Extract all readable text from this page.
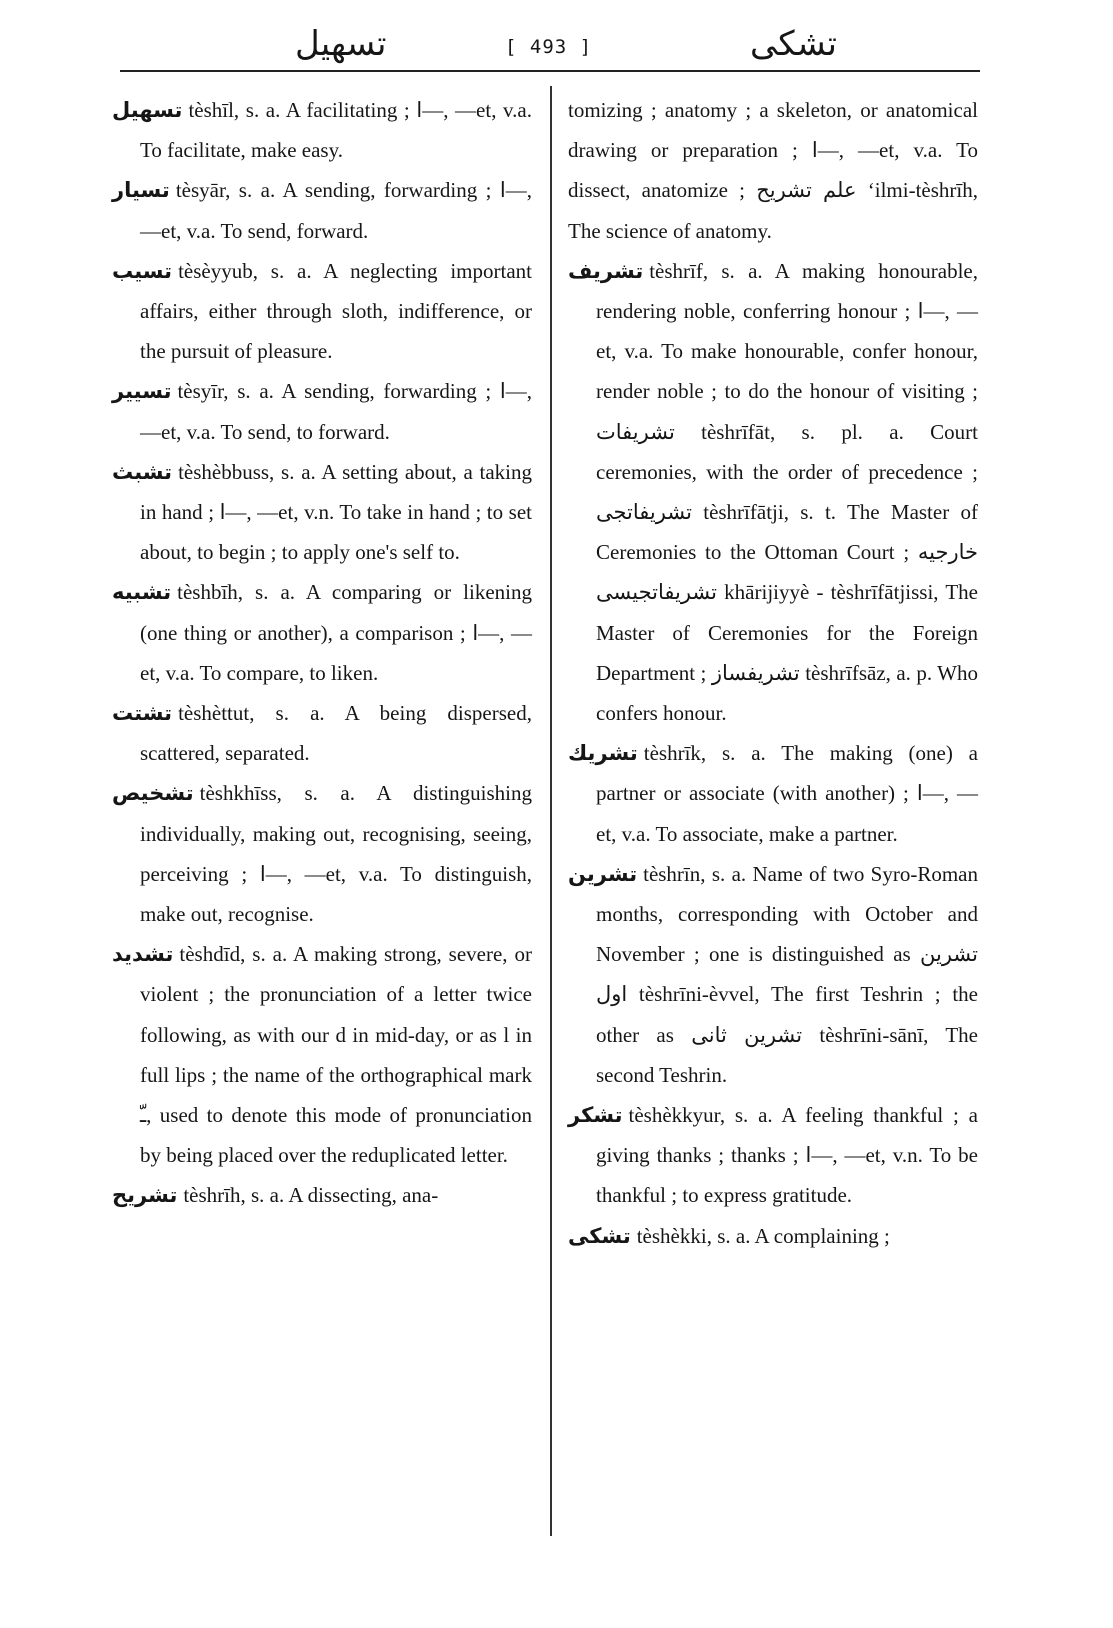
تسهيل	[ 493 ]	تشكى

تسهيل tèshīl, s. a. A facilitating ; ا—, —et, v.a. To facilitate, make easy.

تسيار tèsyār, s. a. A sending, forwarding ; ا—, —et, v.a. To send, forward.

تسيب tèsèyyub, s. a. A neglecting important affairs, either through sloth, indifference, or the pursuit of pleasure.

تسيير tèsyīr, s. a. A sending, forwarding ; ا—, —et, v.a. To send, to forward.

تشبث tèshèbbuss, s. a. A setting about, a taking in hand ; ا—, —et, v.n. To take in hand ; to set about, to begin ; to apply one's self to.

تشبيه tèshbīh, s. a. A comparing or likening (one thing or another), a comparison ; ا—, —et, v.a. To compare, to liken.

تشتت tèshèttut, s. a. A being dispersed, scattered, separated.

تشخيص tèshkhīss, s. a. A distinguishing individually, making out, recognising, seeing, perceiving ; ا—, —et, v.a. To distinguish, make out, recognise.

تشديد tèshdīd, s. a. A making strong, severe, or violent ; the pronunciation of a letter twice following, as with our d in mid-day, or as l in full lips ; the name of the orthographical mark ـّ, used to denote this mode of pronunciation by being placed over the reduplicated letter.

تشريح tèshrīh, s. a. A dissecting, ana-

tomizing ; anatomy ; a skeleton, or anatomical drawing or preparation ; ا—, —et, v.a. To dissect, anatomize ; علم تشريح ʻilmi-tèshrīh, The science of anatomy.

تشريف tèshrīf, s. a. A making honourable, rendering noble, conferring honour ; ا—, —et, v.a. To make honourable, confer honour, render noble ; to do the honour of visiting ; تشريفات tèshrīfāt, s. pl. a. Court ceremonies, with the order of precedence ; تشريفاتجى tèshrīfātji, s. t. The Master of Ceremonies to the Ottoman Court ; خارجيه تشريفاتجيسى khārijiyyè - tèshrīfātjissi, The Master of Ceremonies for the Foreign Department ; تشريفساز tèshrīfsāz, a. p. Who confers honour.

تشريك tèshrīk, s. a. The making (one) a partner or associate (with another) ; ا—, —et, v.a. To associate, make a partner.

تشرين tèshrīn, s. a. Name of two Syro-Roman months, corresponding with October and November ; one is distinguished as تشرين اول tèshrīni-èvvel, The first Teshrin ; the other as تشرين ثانى tèshrīni-sānī, The second Teshrin.

تشكر tèshèkkyur, s. a. A feeling thankful ; a giving thanks ; thanks ; ا—, —et, v.n. To be thankful ; to express gratitude.

تشكى tèshèkki, s. a. A complaining ;
